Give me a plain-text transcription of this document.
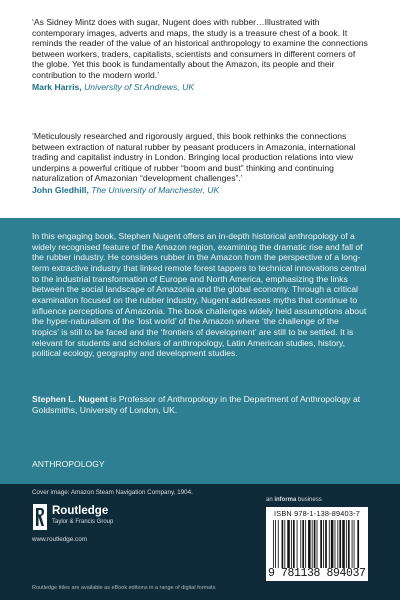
‘As Sidney Mintz does with sugar, Nugent does with rubber…Illustrated with contemporary images, adverts and maps, the study is a treasure chest of a book. It reminds the reader of the value of an historical anthropology to examine the connections between workers, traders, capitalists, scientists and consumers in different corners of the globe. Yet this book is fundamentally about the Amazon, its people and their contribution to the modern world.’
Mark Harris, University of St Andrews, UK

‘Meticulously researched and rigorously argued, this book rethinks the connections between extraction of natural rubber by peasant producers in Amazonia, international trading and capitalist industry in London. Bringing local production relations into view underpins a powerful critique of rubber “boom and bust” thinking and continuing naturalization of Amazonian “development challenges”.’
John Gledhill, The University of Manchester, UK

In this engaging book, Stephen Nugent offers an in-depth historical anthropology of a widely recognised feature of the Amazon region, examining the dramatic rise and fall of the rubber industry. He considers rubber in the Amazon from the perspective of a long-term extractive industry that linked remote forest tappers to technical innovations central to the industrial transformation of Europe and North America, emphasizing the links between the social landscape of Amazonia and the global economy. Through a critical examination focused on the rubber industry, Nugent addresses myths that continue to influence perceptions of Amazonia. The book challenges widely held assumptions about the hyper-naturalism of the ‘lost world’ of the Amazon where ‘the challenge of the tropics’ is still to be faced and the ‘frontiers of development’ are still to be settled. It is relevant for students and scholars of anthropology, Latin American studies, history, political ecology, geography and development studies.

Stephen L. Nugent is Professor of Anthropology in the Department of Anthropology at Goldsmiths, University of London, UK.

ANTHROPOLOGY

Cover image: Amazon Steam Navigation Company, 1904.

Routledge

Taylor & Francis Group

www.routledge.com

Routledge titles are available as eBook editions in a range of digital formats

an informa business

ISBN 978-1-138-89403-7

9 781138 894037
